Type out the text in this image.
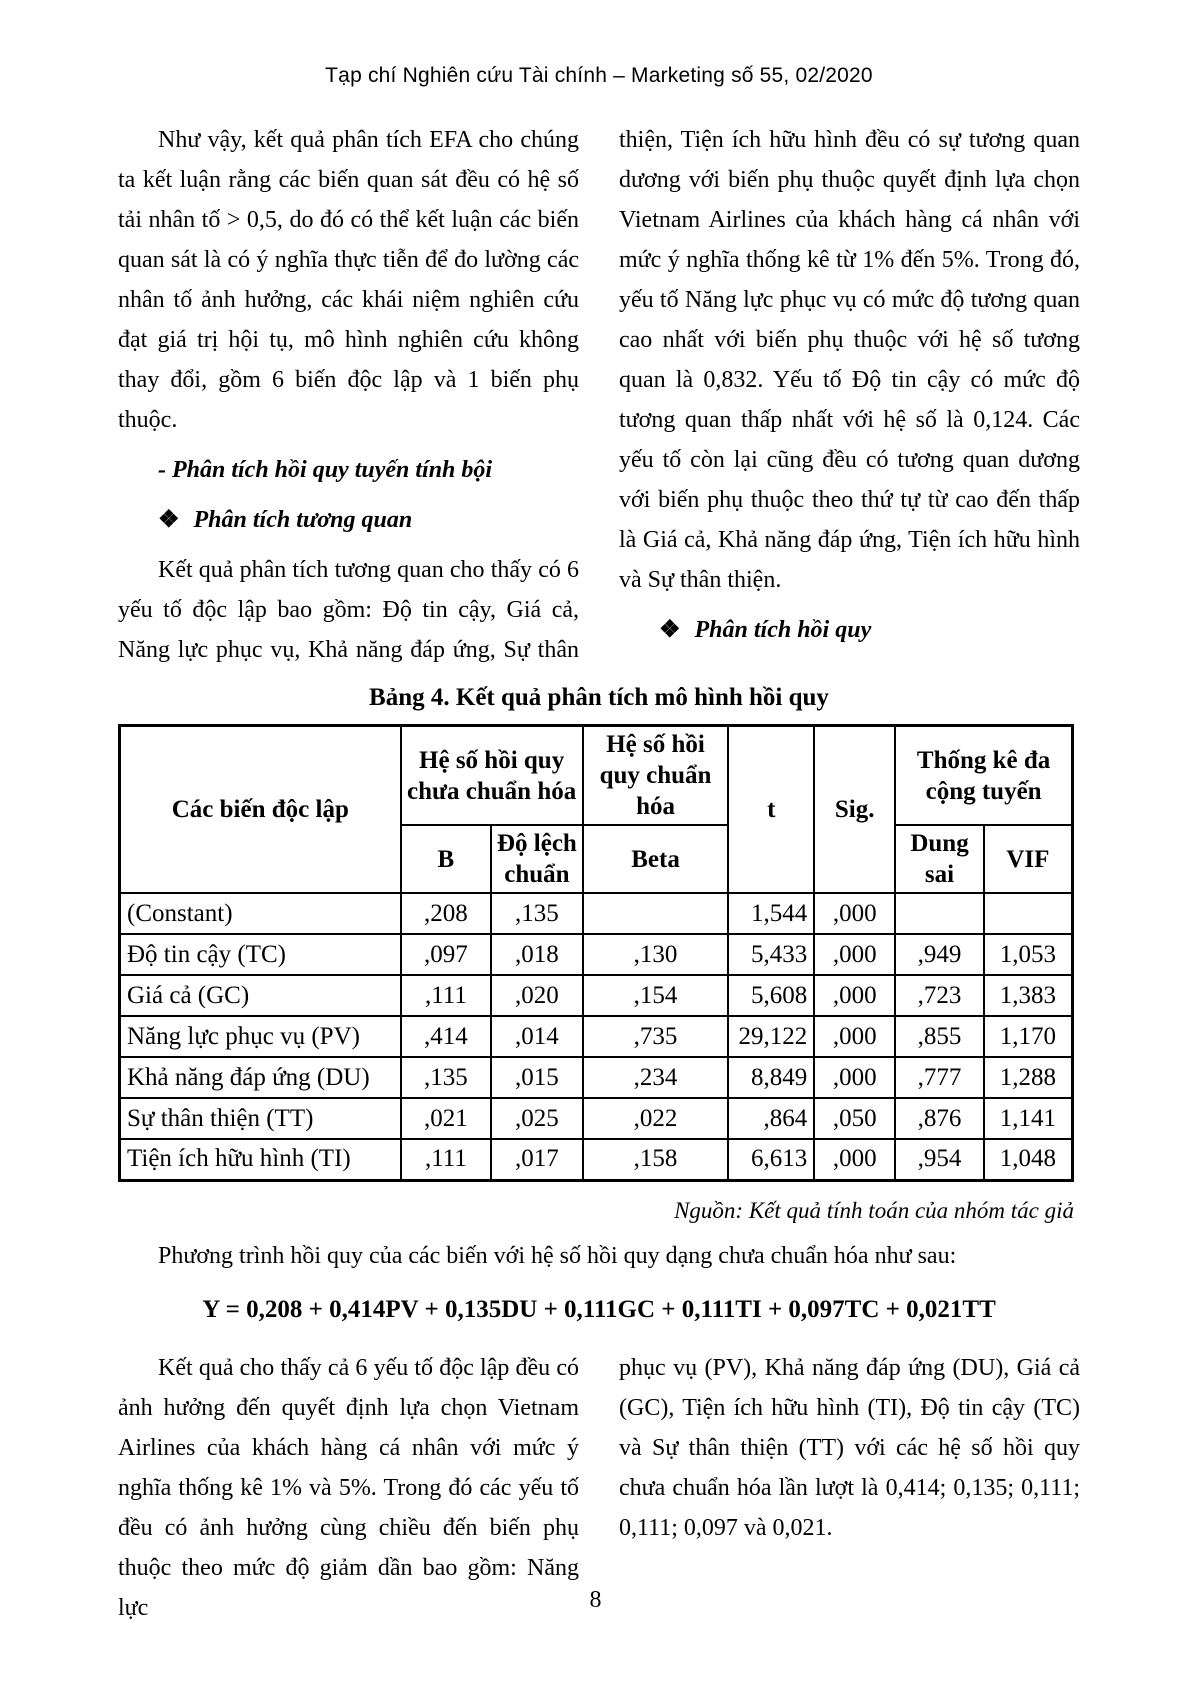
Tạp chí Nghiên cứu Tài chính – Marketing số 55, 02/2020

Như vậy, kết quả phân tích EFA cho chúng ta kết luận rằng các biến quan sát đều có hệ số tải nhân tố > 0,5, do đó có thể kết luận các biến quan sát là có ý nghĩa thực tiễn để đo lường các nhân tố ảnh hưởng, các khái niệm nghiên cứu đạt giá trị hội tụ, mô hình nghiên cứu không thay đổi, gồm 6 biến độc lập và 1 biến phụ thuộc.

- Phân tích hồi quy tuyến tính bội
❖ Phân tích tương quan

Kết quả phân tích tương quan cho thấy có 6 yếu tố độc lập bao gồm: Độ tin cậy, Giá cả, Năng lực phục vụ, Khả năng đáp ứng, Sự thân

thiện, Tiện ích hữu hình đều có sự tương quan dương với biến phụ thuộc quyết định lựa chọn Vietnam Airlines của khách hàng cá nhân với mức ý nghĩa thống kê từ 1% đến 5%. Trong đó, yếu tố Năng lực phục vụ có mức độ tương quan cao nhất với biến phụ thuộc với hệ số tương quan là 0,832. Yếu tố Độ tin cậy có mức độ tương quan thấp nhất với hệ số là 0,124. Các yếu tố còn lại cũng đều có tương quan dương với biến phụ thuộc theo thứ tự từ cao đến thấp là Giá cả, Khả năng đáp ứng, Tiện ích hữu hình và Sự thân thiện.

❖ Phân tích hồi quy
Bảng 4. Kết quả phân tích mô hình hồi quy
Các biến độc lập	Hệ số hồi quy chưa chuẩn hóa		Hệ số hồi quy chuẩn hóa	t	Sig.	Thống kê đa cộng tuyến	
	B	Độ lệch chuẩn	Beta			Dung sai	VIF
(Constant)	,208	,135		1,544	,000		
Độ tin cậy (TC)	,097	,018	,130	5,433	,000	,949	1,053
Giá cả (GC)	,111	,020	,154	5,608	,000	,723	1,383
Năng lực phục vụ (PV)	,414	,014	,735	29,122	,000	,855	1,170
Khả năng đáp ứng (DU)	,135	,015	,234	8,849	,000	,777	1,288
Sự thân thiện (TT)	,021	,025	,022	,864	,050	,876	1,141
Tiện ích hữu hình (TI)	,111	,017	,158	6,613	,000	,954	1,048
Nguồn: Kết quả tính toán của nhóm tác giả

Phương trình hồi quy của các biến với hệ số hồi quy dạng chưa chuẩn hóa như sau:

Y = 0,208 + 0,414PV + 0,135DU + 0,111GC + 0,111TI + 0,097TC + 0,021TT

Kết quả cho thấy cả 6 yếu tố độc lập đều có ảnh hưởng đến quyết định lựa chọn Vietnam Airlines của khách hàng cá nhân với mức ý nghĩa thống kê 1% và 5%. Trong đó các yếu tố đều có ảnh hưởng cùng chiều đến biến phụ thuộc theo mức độ giảm dần bao gồm: Năng lực

phục vụ (PV), Khả năng đáp ứng (DU), Giá cả (GC), Tiện ích hữu hình (TI), Độ tin cậy (TC) và Sự thân thiện (TT) với các hệ số hồi quy chưa chuẩn hóa lần lượt là 0,414; 0,135; 0,111; 0,111; 0,097 và 0,021.

8
